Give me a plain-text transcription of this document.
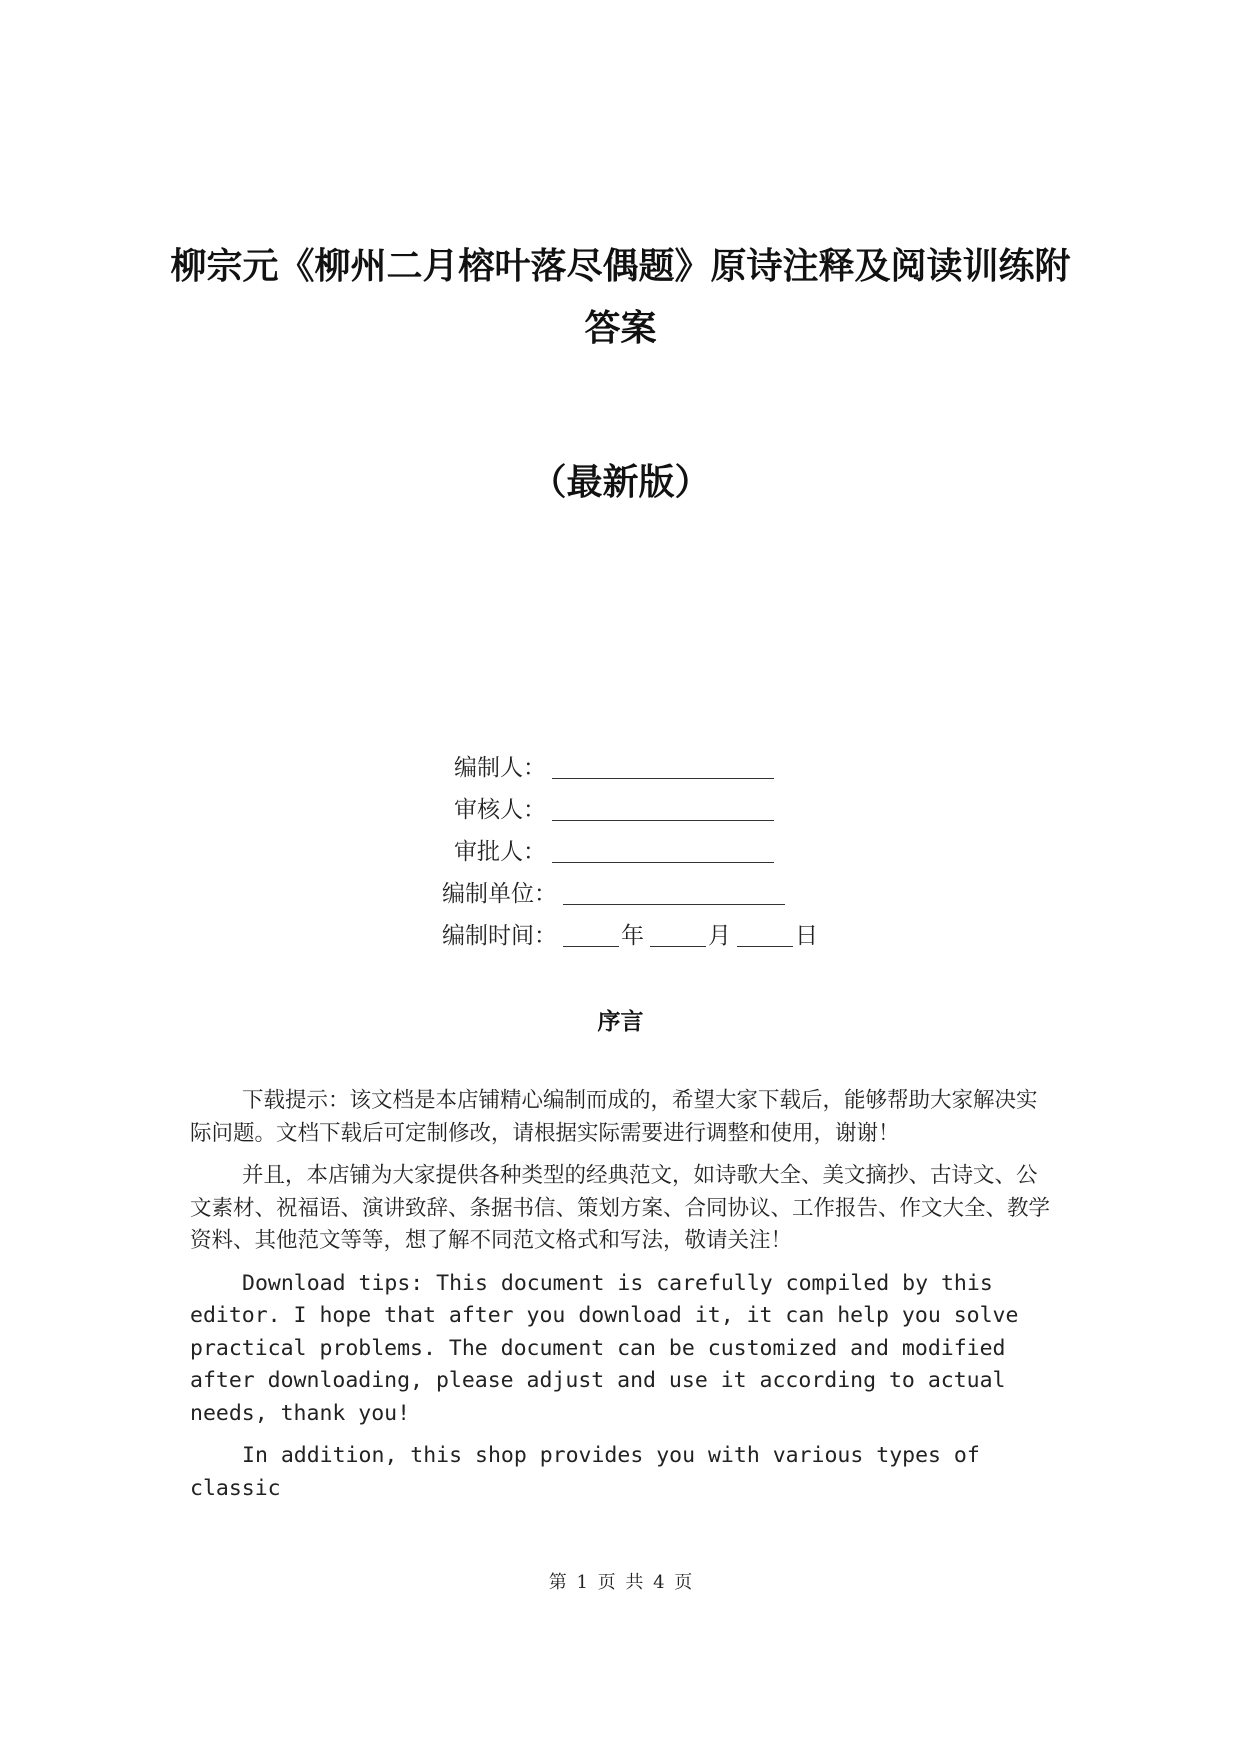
柳宗元《柳州二月榕叶落尽偶题》原诗注释及阅读训练附答案
（最新版）
编制人：
审核人：
审批人：
编制单位：
编制时间：	年	月	日
序言

下载提示：该文档是本店铺精心编制而成的，希望大家下载后，能够帮助大家解决实际问题。文档下载后可定制修改，请根据实际需要进行调整和使用，谢谢！

并且，本店铺为大家提供各种类型的经典范文，如诗歌大全、美文摘抄、古诗文、公文素材、祝福语、演讲致辞、条据书信、策划方案、合同协议、工作报告、作文大全、教学资料、其他范文等等，想了解不同范文格式和写法，敬请关注！

Download tips: This document is carefully compiled by this editor. I hope that after you download it, it can help you solve practical problems. The document can be customized and modified after downloading, please adjust and use it according to actual needs, thank you!

In addition, this shop provides you with various types of classic

第 1 页 共 4 页
